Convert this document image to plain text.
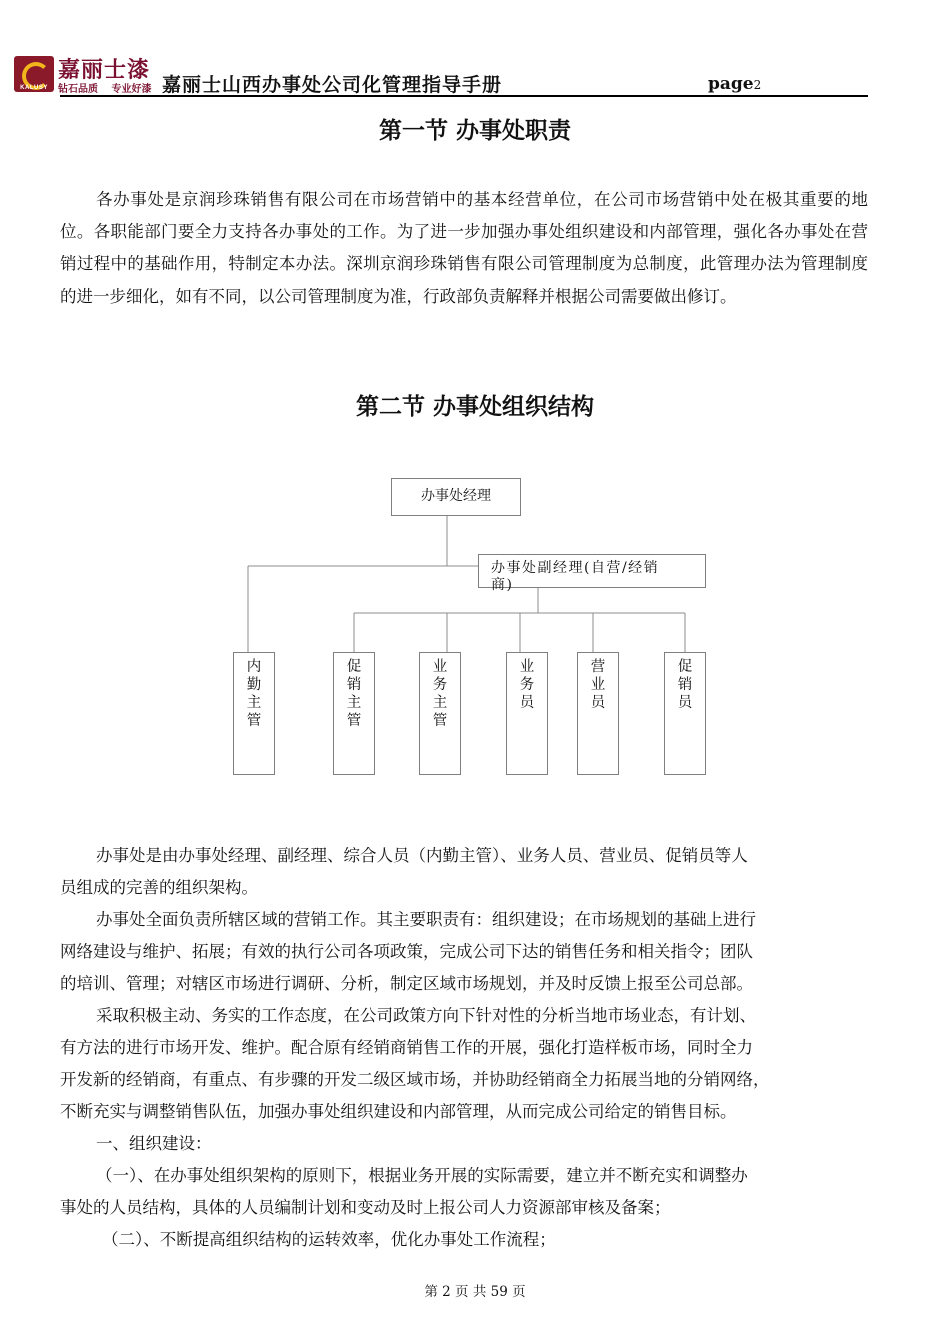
KALUSY
嘉丽士漆
钻石品质 专业好漆 嘉丽士山西办事处公司化管理指导手册	page2
第一节 办事处职责

各办事处是京润珍珠销售有限公司在市场营销中的基本经营单位，在公司市场营销中处在极其重要的地位。各职能部门要全力支持各办事处的工作。为了进一步加强办事处组织建设和内部管理，强化各办事处在营销过程中的基础作用，特制定本办法。深圳京润珍珠销售有限公司管理制度为总制度，此管理办法为管理制度的进一步细化，如有不同，以公司管理制度为准，行政部负责解释并根据公司需要做出修订。

第二节 办事处组织结构
办事处经理
办事处副经理(自营/经销
商)
内
勤
主
管
促
销
主
管
业
务
主
管
业
务
员
营
业
员
促
销
员

办事处是由办事处经理、副经理、综合人员（内勤主管）、业务人员、营业员、促销员等人

员组成的完善的组织架构。

办事处全面负责所辖区域的营销工作。其主要职责有：组织建设；在市场规划的基础上进行

网络建设与维护、拓展；有效的执行公司各项政策，完成公司下达的销售任务和相关指令；团队

的培训、管理；对辖区市场进行调研、分析，制定区域市场规划，并及时反馈上报至公司总部。

采取积极主动、务实的工作态度，在公司政策方向下针对性的分析当地市场业态，有计划、

有方法的进行市场开发、维护。配合原有经销商销售工作的开展，强化打造样板市场，同时全力

开发新的经销商，有重点、有步骤的开发二级区域市场，并协助经销商全力拓展当地的分销网络，

不断充实与调整销售队伍，加强办事处组织建设和内部管理，从而完成公司给定的销售目标。

一、组织建设：

（一）、在办事处组织架构的原则下，根据业务开展的实际需要，建立并不断充实和调整办

事处的人员结构，具体的人员编制计划和变动及时上报公司人力资源部审核及备案；

（二）、不断提高组织结构的运转效率，优化办事处工作流程；

第 2 页 共 59 页
